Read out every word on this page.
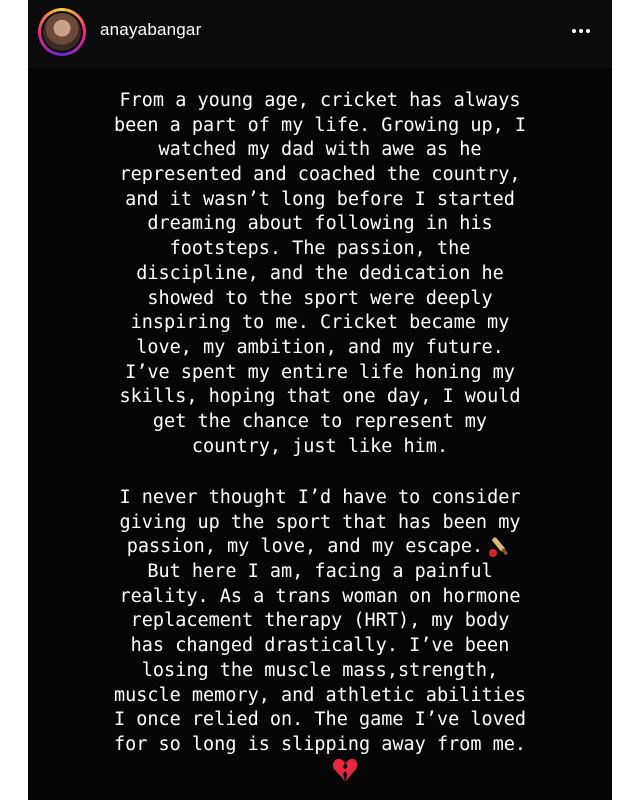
anayabangar
From a young age, cricket has always
been a part of my life. Growing up, I
watched my dad with awe as he
represented and coached the country,
and it wasn’t long before I started
dreaming about following in his
footsteps. The passion, the
discipline, and the dedication he
showed to the sport were deeply
inspiring to me. Cricket became my
love, my ambition, and my future.
I’ve spent my entire life honing my
skills, hoping that one day, I would
get the chance to represent my
country, just like him.
I never thought I’d have to consider
giving up the sport that has been my
passion, my love, and my escape.
But here I am, facing a painful
reality. As a trans woman on hormone
replacement therapy (HRT), my body
has changed drastically. I’ve been
losing the muscle mass,strength,
muscle memory, and athletic abilities
I once relied on. The game I’ve loved
for so long is slipping away from me.
